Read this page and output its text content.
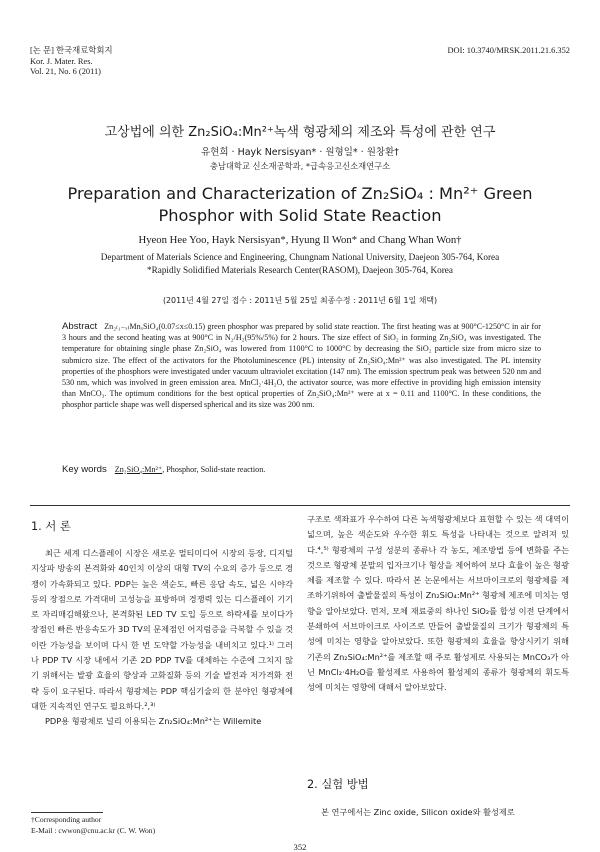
[논 문] 한국재료학회지
Kor. J. Mater. Res.
Vol. 21, No. 6 (2011)
DOI: 10.3740/MRSK.2011.21.6.352
고상법에 의한 Zn₂SiO₄:Mn²⁺녹색 형광체의 제조와 특성에 관한 연구
유현희 · Hayk Nersisyan* · 원형일* · 원창환†
충남대학교 신소재공학과, *급속응고신소재연구소
Preparation and Characterization of Zn₂SiO₄ : Mn²⁺ Green
Phosphor with Solid State Reaction
Hyeon Hee Yoo, Hayk Nersisyan*, Hyung Il Won* and Chang Whan Won†
Department of Materials Science and Engineering, Chungnam National University, Daejeon 305-764, Korea
*Rapidly Solidified Materials Research Center(RASOM), Daejeon 305-764, Korea
(2011년 4월 27일 접수 : 2011년 5월 25일 최종수정 : 2011년 6월 1일 채택)
Abstract Zn₂₍₁₋ₓ₎MnₓSiO₄(0.07≤x≤0.15) green phosphor was prepared by solid state reaction. The first heating was at 900°C-1250°C in air for 3 hours and the second heating was at 900°C in N₂/H₂(95%/5%) for 2 hours. The size effect of SiO₂ in forming Zn₂SiO₄ was investigated. The temperature for obtaining single phase Zn₂SiO₄ was lowered from 1100°C to 1000°C by decreasing the SiO₂ particle size from micro size to submicro size. The effect of the activators for the Photoluminescence (PL) intensity of Zn₂SiO₄:Mn²⁺ was also investigated. The PL intensity properties of the phosphors were investigated under vacuum ultraviolet excitation (147 nm). The emission spectrum peak was between 520 nm and 530 nm, which was involved in green emission area. MnCl₂·4H₂O, the activator source, was more effective in providing high emission intensity than MnCO₃. The optimum conditions for the best optical properties of Zn₂SiO₄:Mn²⁺ were at x = 0.11 and 1100°C. In these conditions, the phosphor particle shape was well dispersed spherical and its size was 200 nm.
Key words Zn₂SiO₄:Mn²⁺, Phosphor, Solid-state reaction.
1. 서 론

최근 세계 디스플레이 시장은 새로운 멀티미디어 시장의 등장, 디지털 지상파 방송의 본격화와 40인치 이상의 대형 TV의 수요의 증가 등으로 경쟁이 가속화되고 있다. PDP는 높은 색순도, 빠른 응답 속도, 넓은 시야각 등의 장점으로 가격대비 고성능을 표방하며 경쟁력 있는 디스플레이 기기로 자리매김해왔으나, 본격화된 LED TV 도입 등으로 하락세를 보이다가 장점인 빠른 반응속도가 3D TV의 문제점인 어지럼증을 극복할 수 있을 것이란 가능성을 보이며 다시 한 번 도약할 가능성을 내비치고 있다.¹⁾ 그러나 PDP TV 시장 내에서 기존 2D PDP TV를 대체하는 수준에 그치지 않기 위해서는 발광 효율의 향상과 고화질화 등의 기술 발전과 저가격화 전략 등이 요구된다. 따라서 형광체는 PDP 핵심기술의 한 분야인 형광체에 대한 지속적인 연구도 필요하다.²,³⁾

PDP용 형광체로 널리 이용되는 Zn₂SiO₄:Mn²⁺는 Willemite

구조로 색좌표가 우수하여 다른 녹색형광체보다 표현할 수 있는 색 대역이 넓으며, 높은 색순도와 우수한 휘도 특성을 나타내는 것으로 알려져 있다.⁴,⁵⁾ 형광체의 구성 성분의 종류나 각 농도, 제조방법 등에 변화를 주는 것으로 형광체 분말의 입자크기나 형상을 제어하여 보다 효율이 높은 형광체를 제조할 수 있다. 따라서 본 논문에서는 서브마이크로의 형광체를 제조하기위하여 출발물질의 특성이 Zn₂SiO₄:Mn²⁺ 형광체 제조에 미치는 영향을 알아보았다. 먼저, 모체 재료중의 하나인 SiO₂를 합성 이전 단계에서 분쇄하여 서브마이크로 사이즈로 만들어 출발물질의 크기가 형광체의 특성에 미치는 영향을 알아보았다. 또한 형광체의 효율을 향상시키기 위해 기존의 Zn₂SiO₄:Mn²⁺를 제조할 때 주로 활성제로 사용되는 MnCO₃가 아닌 MnCl₂·4H₂O를 활성제로 사용하여 활성제의 종류가 형광체의 휘도특성에 미치는 영향에 대해서 알아보았다.

2. 실험 방법

본 연구에서는 Zinc oxide, Silicon oxide와 활성제로

†Corresponding author
E-Mail : cwwon@cnu.ac.kr (C. W. Won)
352
